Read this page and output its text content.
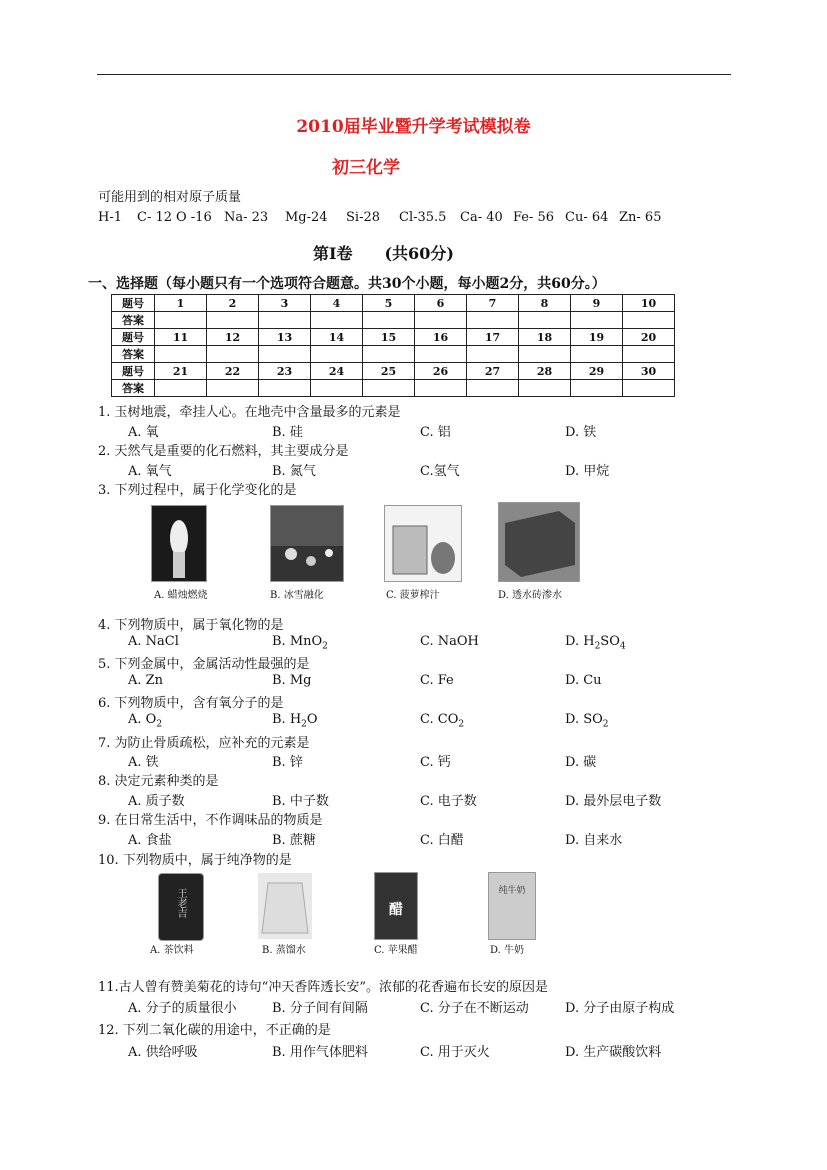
2010届毕业暨升学考试模拟卷
初三化学
可能用到的相对原子质量
H-1 C- 12 O -16 Na- 23 Mg-24 Si-28 Cl-35.5 Ca- 40 Fe- 56 Cu- 64 Zn- 65
第Ⅰ卷　　(共60分)
一、选择题（每小题只有一个选项符合题意。共30个小题，每小题2分，共60分。）
题号	1	2	3	4	5	6	7	8	9	10
答案										
题号	11	12	13	14	15	16	17	18	19	20
答案										
题号	21	22	23	24	25	26	27	28	29	30
答案										
1. 玉树地震，牵挂人心。在地壳中含量最多的元素是
A. 氧	B. 硅	C. 铝	D. 铁
2. 天然气是重要的化石燃料，其主要成分是
A. 氧气	B. 氮气	C.氢气	D. 甲烷
3. 下列过程中，属于化学变化的是
4. 下列物质中，属于氧化物的是
A. NaCl	B. MnO$_2$	C. NaOH	D. $H_2SO_4$
5. 下列金属中，金属活动性最强的是
A. Zn	B. Mg	C. Fe	D. Cu
6. 下列物质中，含有氧分子的是
A. $O_2$	B. $H_2O$	C. $CO_2$	D. $SO_2$
7. 为防止骨质疏松，应补充的元素是
A. 铁	B. 锌	C. 钙	D. 碳
8. 决定元素种类的是
A. 质子数	B. 中子数	C. 电子数	D. 最外层电子数
9. 在日常生活中，不作调味品的物质是
A. 食盐	B. 蔗糖	C. 白醋	D. 自来水
10. 下列物质中，属于纯净物的是
11.古人曾有赞美菊花的诗句“冲天香阵透长安”。浓郁的花香遍布长安的原因是
A. 分子的质量很小	B. 分子间有间隔	C. 分子在不断运动	D. 分子由原子构成
12. 下列二氧化碳的用途中，不正确的是
A. 供给呼吸	B. 用作气体肥料	C. 用于灭火	D. 生产碳酸饮料
A. 蜡烛燃烧	B. 冰雪融化	C. 菠萝榨汁	D. 透水砖渗水
王老吉	醋
纯牛奶
A. 茶饮料	B. 蒸馏水	C. 苹果醋	D. 牛奶
